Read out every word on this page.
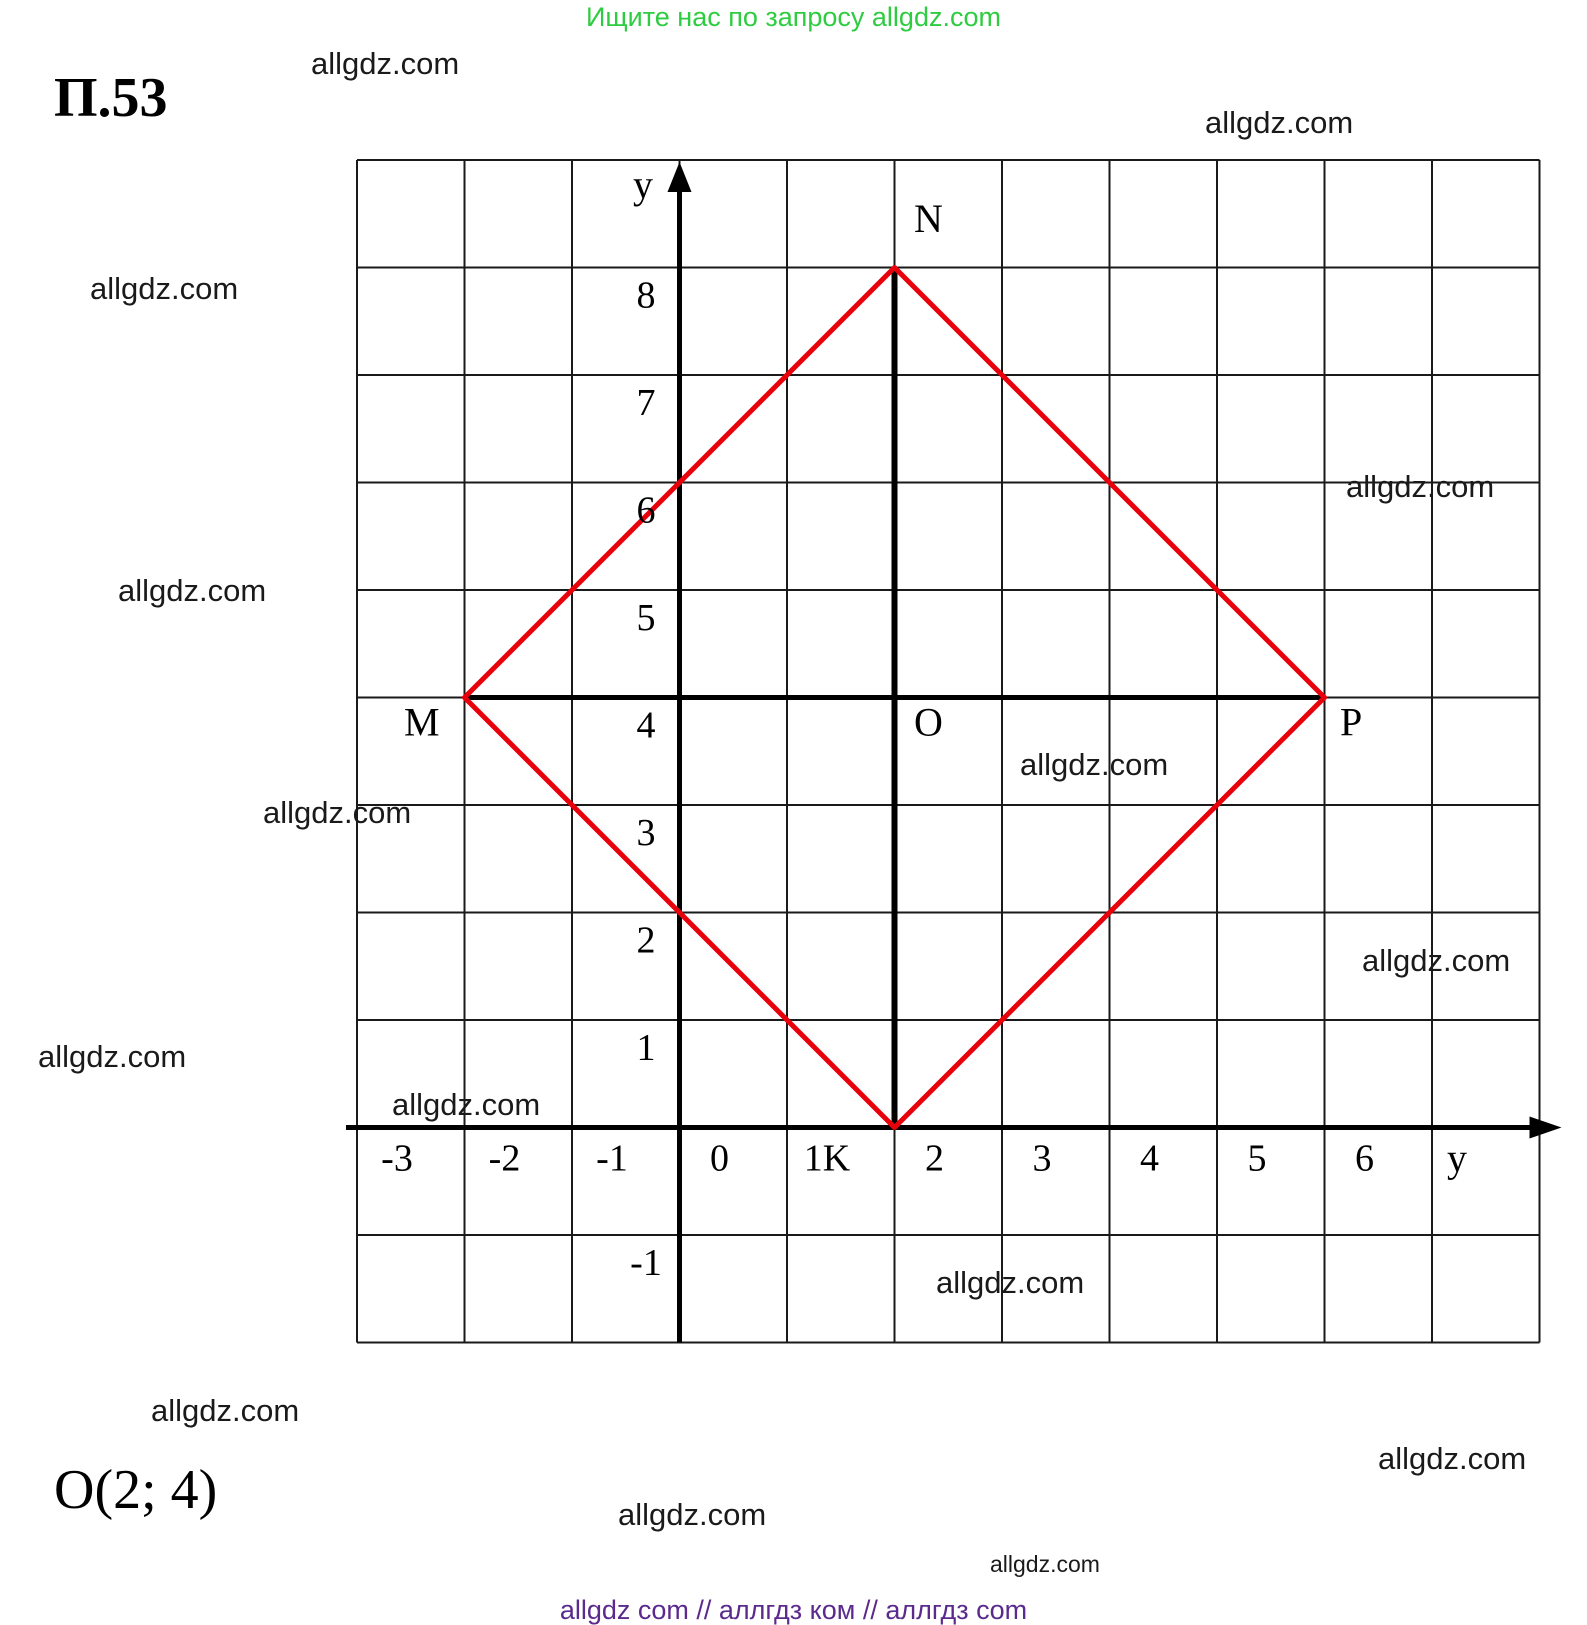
Ищите нас по запросу allgdz.com
П.53
-3 -2 -1 0 1K 2 3 4 5 6
8
7
6
5
4
3
2
1
-1
y
y
N
M	O	P
allgdz.com
allgdz.com
allgdz.com
allgdz.com
allgdz.com
allgdz.com
allgdz.com
allgdz.com
allgdz.com
allgdz.com
allgdz.com
allgdz.com
allgdz.com
allgdz.com
allgdz.com
O(2; 4)
allgdz com // аллгдз ком // аллгдз com
